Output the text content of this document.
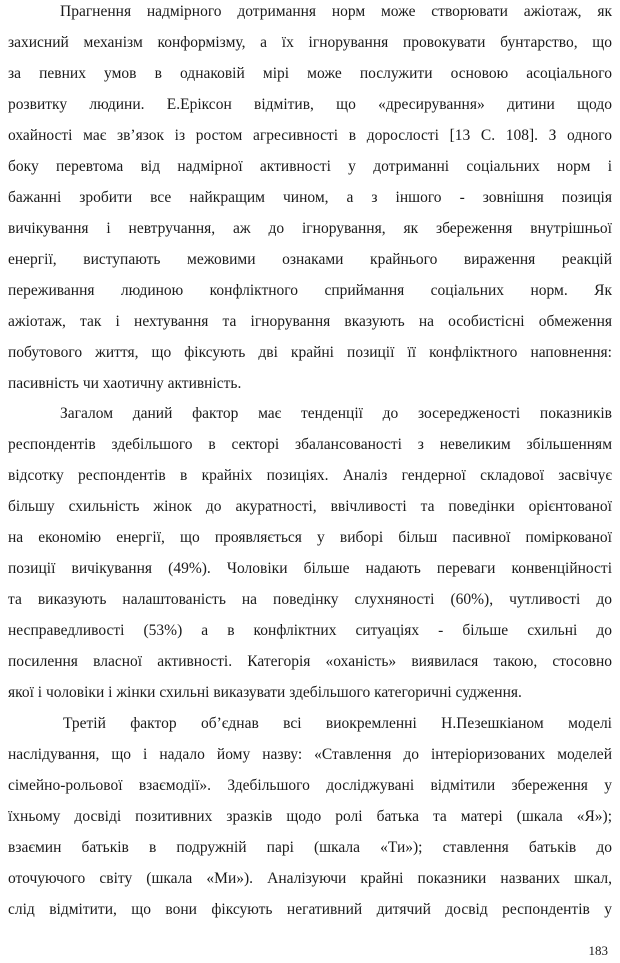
Прагнення надмірного дотримання норм може створювати ажіотаж, як
захисний механізм конформізму, а їх ігнорування провокувати бунтарство, що
за певних умов в однаковій мірі може послужити основою асоціального
розвитку людини. Е.Еріксон відмітив, що «дресирування» дитини щодо
охайності має зв’язок із ростом агресивності в дорослості [13 С. 108]. З одного
боку перевтома від надмірної активності у дотриманні соціальних норм і
бажанні зробити все найкращим чином, а з іншого - зовнішня позиція
вичікування і невтручання, аж до ігнорування, як збереження внутрішньої
енергії, виступають межовими ознаками крайнього вираження реакцій
переживання людиною конфліктного сприймання соціальних норм. Як
ажіотаж, так і нехтування та ігнорування вказують на особистісні обмеження
побутового життя, що фіксують дві крайні позиції її конфліктного наповнення:
пасивність чи хаотичну активність.
Загалом даний фактор має тенденції до зосередженості показників
респондентів здебільшого в секторі збалансованості з невеликим збільшенням
відсотку респондентів в крайніх позиціях. Аналіз гендерної складової засвічує
більшу схильність жінок до акуратності, ввічливості та поведінки орієнтованої
на економію енергії, що проявляється у виборі більш пасивної поміркованої
позиції вичікування (49%). Чоловіки більше надають переваги конвенційності
та виказують налаштованість на поведінку слухняності (60%), чутливості до
несправедливості (53%) а в конфліктних ситуаціях - більше схильні до
посилення власної активності. Категорія «оханість» виявилася такою, стосовно
якої і чоловіки і жінки схильні виказувати здебільшого категоричні судження.
Третій фактор об’єднав всі виокремленні Н.Пезешкіаном моделі
наслідування, що і надало йому назву: «Ставлення до інтеріоризованих моделей
сімейно-рольової взаємодії». Здебільшого досліджувані відмітили збереження у
їхньому досвіді позитивних зразків щодо ролі батька та матері (шкала «Я»);
взаємин батьків в подружній парі (шкала «Ти»); ставлення батьків до
оточуючого світу (шкала «Ми»). Аналізуючи крайні показники названих шкал,
слід відмітити, що вони фіксують негативний дитячий досвід респондентів у
183
